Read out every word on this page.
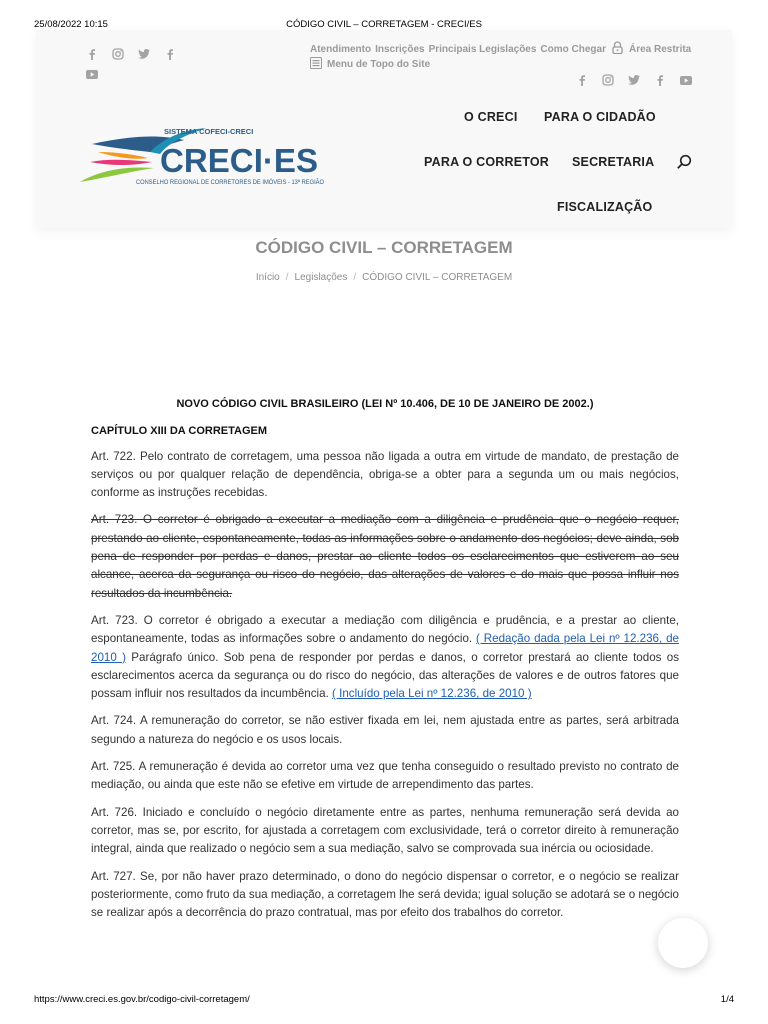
25/08/2022 10:15	CÓDIGO CIVIL – CORRETAGEM - CRECI/ES
Atendimento Inscrições Principais Legislações Como Chegar Área Restrita
Menu de Topo do Site
SISTEMA COFECI-CRECI
CRECI·ES
CONSELHO REGIONAL DE CORRETORES DE IMÓVEIS - 13ª REGIÃO
O CRECI PARA O CIDADÃO
PARA O CORRETOR SECRETARIA
FISCALIZAÇÃO
CÓDIGO CIVIL – CORRETAGEM
Início / Legislações / CÓDIGO CIVIL – CORRETAGEM
NOVO CÓDIGO CIVIL BRASILEIRO (LEI Nº 10.406, DE 10 DE JANEIRO DE 2002.)
CAPÍTULO XIII DA CORRETAGEM

Art. 722. Pelo contrato de corretagem, uma pessoa não ligada a outra em virtude de mandato, de prestação de serviços ou por qualquer relação de dependência, obriga-se a obter para a segunda um ou mais negócios, conforme as instruções recebidas.

Art. 723. O corretor é obrigado a executar a mediação com a diligência e prudência que o negócio requer, prestando ao cliente, espontaneamente, todas as informações sobre o andamento dos negócios; deve ainda, sob pena de responder por perdas e danos, prestar ao cliente todos os esclarecimentos que estiverem ao seu alcance, acerca da segurança ou risco do negócio, das alterações de valores e do mais que possa influir nos resultados da incumbência.

Art. 723. O corretor é obrigado a executar a mediação com diligência e prudência, e a prestar ao cliente, espontaneamente, todas as informações sobre o andamento do negócio. ( Redação dada pela Lei nº 12.236, de 2010 ) Parágrafo único. Sob pena de responder por perdas e danos, o corretor prestará ao cliente todos os esclarecimentos acerca da segurança ou do risco do negócio, das alterações de valores e de outros fatores que possam influir nos resultados da incumbência. ( Incluído pela Lei nº 12.236, de 2010 )

Art. 724. A remuneração do corretor, se não estiver fixada em lei, nem ajustada entre as partes, será arbitrada segundo a natureza do negócio e os usos locais.

Art. 725. A remuneração é devida ao corretor uma vez que tenha conseguido o resultado previsto no contrato de mediação, ou ainda que este não se efetive em virtude de arrependimento das partes.

Art. 726. Iniciado e concluído o negócio diretamente entre as partes, nenhuma remuneração será devida ao corretor, mas se, por escrito, for ajustada a corretagem com exclusividade, terá o corretor direito à remuneração integral, ainda que realizado o negócio sem a sua mediação, salvo se comprovada sua inércia ou ociosidade.

Art. 727. Se, por não haver prazo determinado, o dono do negócio dispensar o corretor, e o negócio se realizar posteriormente, como fruto da sua mediação, a corretagem lhe será devida; igual solução se adotará se o negócio se realizar após a decorrência do prazo contratual, mas por efeito dos trabalhos do corretor.

https://www.creci.es.gov.br/codigo-civil-corretagem/	1/4
